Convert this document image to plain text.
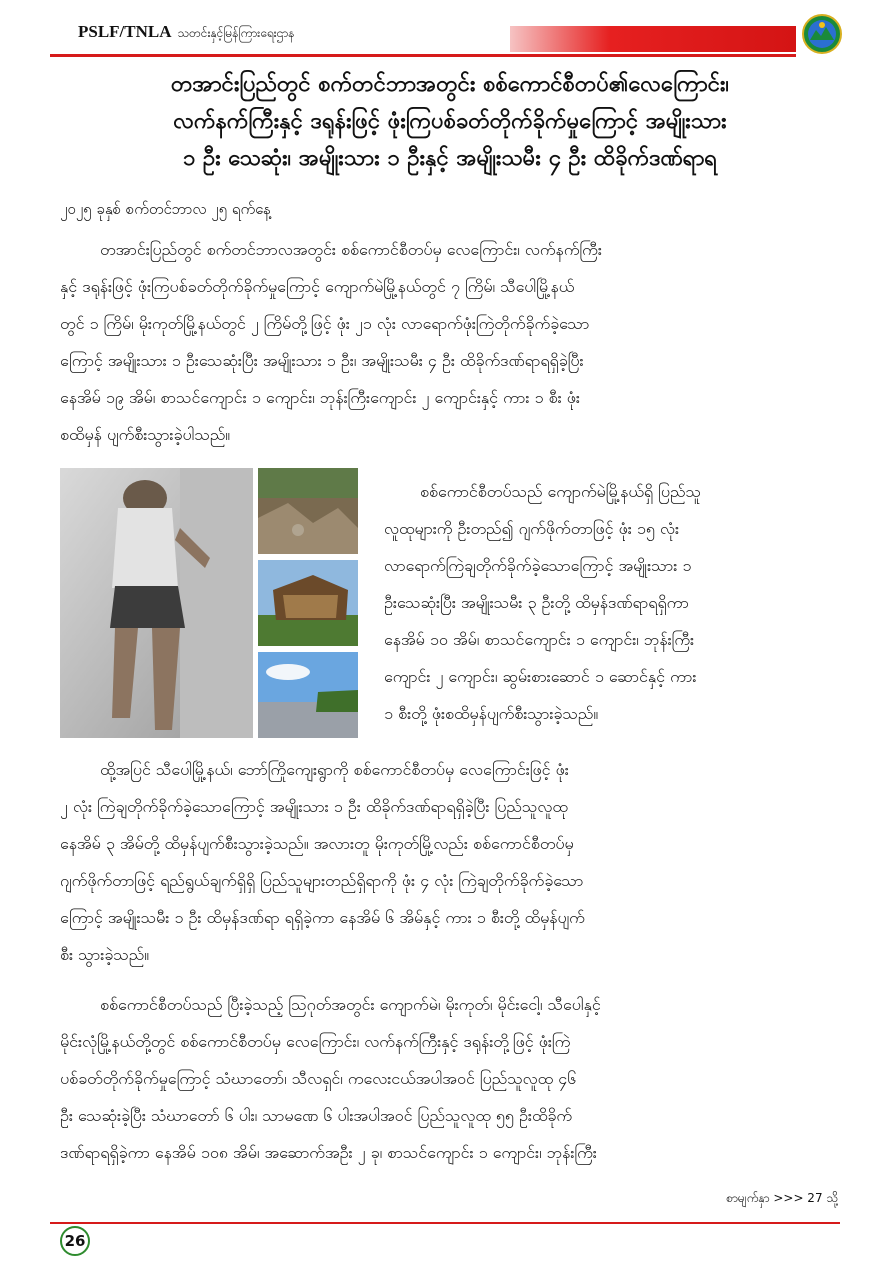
PSLF/TNLA သတင်းနှင့်မြန်ကြားရေးဌာန
တအာင်းပြည်တွင် စက်တင်ဘာအတွင်း စစ်ကောင်စီတပ်၏လေကြောင်း၊
လက်နက်ကြီးနှင့် ဒရုန်းဖြင့် ဖုံးကြပစ်ခတ်တိုက်ခိုက်မှုကြောင့် အမျိုးသား
၁ ဦး သေဆုံး၊ အမျိုးသား ၁ ဦးနှင့် အမျိုးသမီး ၄ ဦး ထိခိုက်ဒဏ်ရာရ
၂၀၂၅ ခုနှစ် စက်တင်ဘာလ ၂၅ ရက်နေ့

တအာင်းပြည်တွင် စက်တင်ဘာလအတွင်း စစ်ကောင်စီတပ်မှ လေကြောင်း၊ လက်နက်ကြီး
နှင့် ဒရုန်းဖြင့် ဖုံးကြပစ်ခတ်တိုက်ခိုက်မှုကြောင့် ကျောက်မဲမြို့နယ်တွင် ၇ ကြိမ်၊ သီပေါမြို့နယ်
တွင် ၁ ကြိမ်၊ မိုးကုတ်မြို့နယ်တွင် ၂ ကြိမ်တို့ဖြင့် ဖုံး ၂၁ လုံး လာရောက်ဖုံးကြဲတိုက်ခိုက်ခဲ့သော
ကြောင့် အမျိုးသား ၁ ဦးသေဆုံးပြီး အမျိုးသား ၁ ဦး၊ အမျိုးသမီး ၄ ဦး ထိခိုက်ဒဏ်ရာရရှိခဲ့ပြီး
နေအိမ် ၁၉ အိမ်၊ စာသင်ကျောင်း ၁ ကျောင်း၊ ဘုန်းကြီးကျောင်း ၂ ကျောင်းနှင့် ကား ၁ စီး ဖုံး
စထိမှန် ပျက်စီးသွားခဲ့ပါသည်။

စစ်ကောင်စီတပ်သည် ကျောက်မဲမြို့နယ်ရှိ ပြည်သူ
လူထုများကို ဦးတည်၍ ဂျက်ဖိုက်တာဖြင့် ဖုံး ၁၅ လုံး
လာရောက်ကြဲချတိုက်ခိုက်ခဲ့သောကြောင့် အမျိုးသား ၁
ဦးသေဆုံးပြီး အမျိုးသမီး ၃ ဦးတို့ ထိမှန်ဒဏ်ရာရရှိကာ
နေအိမ် ၁၀ အိမ်၊ စာသင်ကျောင်း ၁ ကျောင်း၊ ဘုန်းကြီး
ကျောင်း ၂ ကျောင်း၊ ဆွမ်းစားဆောင် ၁ ဆောင်နှင့် ကား
၁ စီးတို့ ဖုံးစထိမှန်ပျက်စီးသွားခဲ့သည်။

ထို့အပြင် သီပေါမြို့နယ်၊ ဘော်ကြိုကျေးရွာကို စစ်ကောင်စီတပ်မှ လေကြောင်းဖြင့် ဖုံး
၂ လုံး ကြဲချတိုက်ခိုက်ခဲ့သောကြောင့် အမျိုးသား ၁ ဦး ထိခိုက်ဒဏ်ရာရရှိခဲ့ပြီး ပြည်သူလူထု
နေအိမ် ၃ အိမ်တို့ ထိမှန်ပျက်စီးသွားခဲ့သည်။ အလားတူ မိုးကုတ်မြို့လည်း စစ်ကောင်စီတပ်မှ
ဂျက်ဖိုက်တာဖြင့် ရည်ရွယ်ချက်ရှိရှိ ပြည်သူများတည်ရှိရာကို ဖုံး ၄ လုံး ကြဲချတိုက်ခိုက်ခဲ့သော
ကြောင့် အမျိုးသမီး ၁ ဦး ထိမှန်ဒဏ်ရာ ရရှိခဲ့ကာ နေအိမ် ၆ အိမ်နှင့် ကား ၁ စီးတို့ ထိမှန်ပျက်
စီး သွားခဲ့သည်။

စစ်ကောင်စီတပ်သည် ပြီးခဲ့သည့် ဩဂုတ်အတွင်း ကျောက်မဲ၊ မိုးကုတ်၊ မိုင်းငေါ့၊ သီပေါနှင့်
မိုင်းလုံမြို့နယ်တို့တွင် စစ်ကောင်စီတပ်မှ လေကြောင်း၊ လက်နက်ကြီးနှင့် ဒရုန်းတို့ဖြင့် ဖုံးကြဲ
ပစ်ခတ်တိုက်ခိုက်မှုကြောင့် သံဃာတော်၊ သီလရှင်၊ ကလေးငယ်အပါအဝင် ပြည်သူလူထု ၄၆
ဦး သေဆုံးခဲ့ပြီး သံဃာတော် ၆ ပါး၊ သာမဏေ ၆ ပါးအပါအဝင် ပြည်သူလူထု ၅၅ ဦးထိခိုက်
ဒဏ်ရာရရှိခဲ့ကာ နေအိမ် ၁၀၈ အိမ်၊ အဆောက်အဦး ၂ ခု၊ စာသင်ကျောင်း ၁ ကျောင်း၊ ဘုန်းကြီး

စာမျက်နှာ >>> 27 သို့
26
